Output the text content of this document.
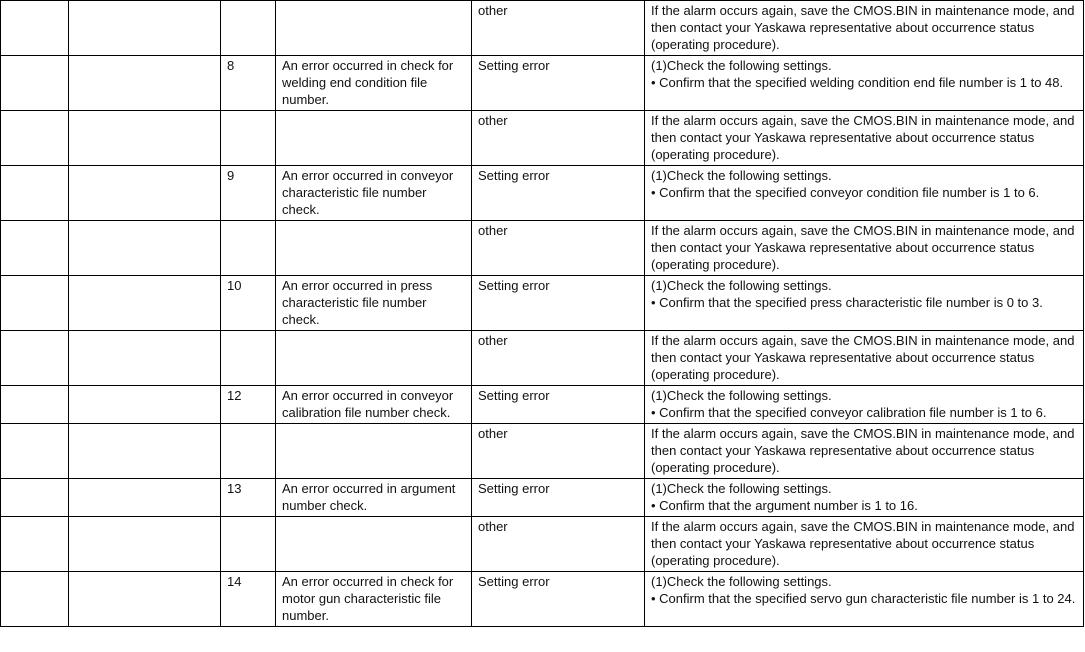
				other	If the alarm occurs again, save the CMOS.BIN in maintenance mode, and then contact your Yaskawa representative about occurrence status (operating procedure).

		8	An error occurred in check for welding end condition file number.	Setting error	(1)Check the following settings.
• Confirm that the specified welding condition end file number is 1 to 48.

				other	If the alarm occurs again, save the CMOS.BIN in maintenance mode, and then contact your Yaskawa representative about occurrence status (operating procedure).

		9	An error occurred in conveyor characteristic file number check.	Setting error	(1)Check the following settings.
• Confirm that the specified conveyor condition file number is 1 to 6.

				other	If the alarm occurs again, save the CMOS.BIN in maintenance mode, and then contact your Yaskawa representative about occurrence status (operating procedure).

		10	An error occurred in press characteristic file number check.	Setting error	(1)Check the following settings.
• Confirm that the specified press characteristic file number is 0 to 3.

				other	If the alarm occurs again, save the CMOS.BIN in maintenance mode, and then contact your Yaskawa representative about occurrence status (operating procedure).

		12	An error occurred in conveyor calibration file number check.	Setting error	(1)Check the following settings.
• Confirm that the specified conveyor calibration file number is 1 to 6.

				other	If the alarm occurs again, save the CMOS.BIN in maintenance mode, and then contact your Yaskawa representative about occurrence status (operating procedure).

		13	An error occurred in argument number check.	Setting error	(1)Check the following settings.
• Confirm that the argument number is 1 to 16.

				other	If the alarm occurs again, save the CMOS.BIN in maintenance mode, and then contact your Yaskawa representative about occurrence status (operating procedure).

		14	An error occurred in check for motor gun characteristic file number.	Setting error	(1)Check the following settings.
• Confirm that the specified servo gun characteristic file number is 1 to 24.
